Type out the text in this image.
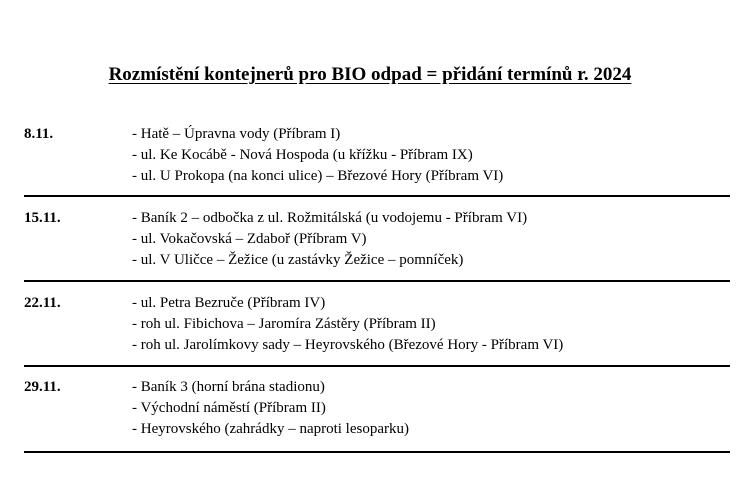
Rozmístění kontejnerů pro BIO odpad = přidání termínů r. 2024
8.11.	- Hatě – Úpravna vody (Příbram I)
- ul. Ke Kocábě - Nová Hospoda (u křížku - Příbram IX)
- ul. U Prokopa (na konci ulice) – Březové Hory (Příbram VI)
15.11.	- Baník 2 – odbočka z ul. Rožmitálská (u vodojemu - Příbram VI)
- ul. Vokačovská – Zdaboř (Příbram V)
- ul. V Uličce – Žežice (u zastávky Žežice – pomníček)
22.11.	- ul. Petra Bezruče (Příbram IV)
- roh ul. Fibichova – Jaromíra Zástěry (Příbram II)
- roh ul. Jarolímkovy sady – Heyrovského (Březové Hory - Příbram VI)
29.11.	- Baník 3 (horní brána stadionu)
- Východní náměstí (Příbram II)
- Heyrovského (zahrádky – naproti lesoparku)
